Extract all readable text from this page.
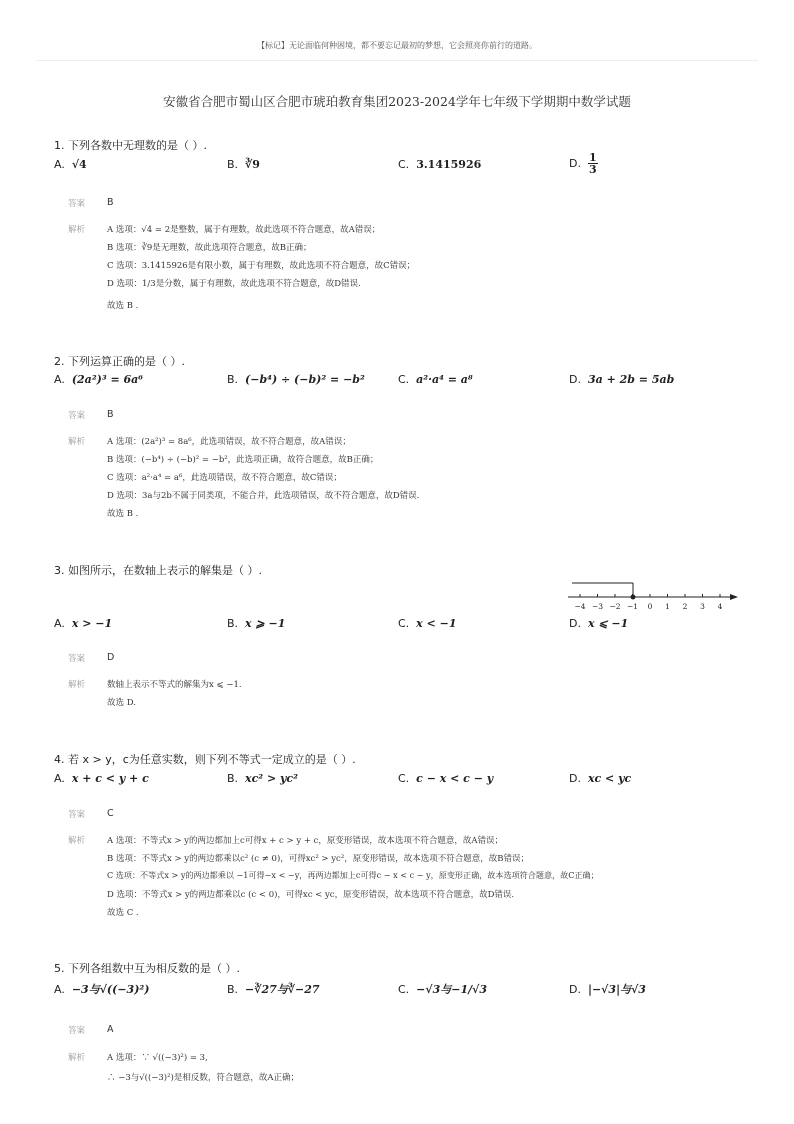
【标记】无论面临何种困境，都不要忘记最初的梦想，它会照亮你前行的道路。
安徽省合肥市蜀山区合肥市琥珀教育集团2023-2024学年七年级下学期期中数学试题
1. 下列各数中无理数的是（ ）.
A. √4	B. ∛9	C. 3.1415926	D. $\frac{1}{3}$
答案 B
解析	A 选项：√4 = 2是整数，属于有理数，故此选项不符合题意，故A错误；
B 选项：∛9是无理数，故此选项符合题意，故B正确；
C 选项：3.1415926是有限小数，属于有理数，故此选项不符合题意，故C错误；
D 选项：1/3是分数，属于有理数，故此选项不符合题意，故D错误.
故选 B .
2. 下列运算正确的是（ ）.
A.  (2a²)³ = 6a⁶	B.  (−b⁴) ÷ (−b)² = −b²	C.  a²·a⁴ = a⁸	D.  3a + 2b = 5ab
答案 B
解析	A 选项：(2a²)³ = 8a⁶，此选项错误，故不符合题意，故A错误；
B 选项：(−b⁴) ÷ (−b)² = −b²，此选项正确，故符合题意，故B正确；
C 选项：a²·a⁴ = a⁶，此选项错误，故不符合题意，故C错误；
D 选项：3a与2b不属于同类项，不能合并，此选项错误，故不符合题意，故D错误.
故选 B .
3. 如图所示，在数轴上表示的解集是（ ）.
−4 −3 −2 −1 0 1 2 3 4
A.  x > −1	B.  x ⩾ −1	C.  x < −1	D.  x ⩽ −1
答案 D
解析	数轴上表示不等式的解集为x ⩽ −1.
故选 D.
4. 若 x > y，c为任意实数，则下列不等式一定成立的是（ ）.
A.  x + c < y + c	B.  xc² > yc²	C.  c − x < c − y	D.  xc < yc
答案 C
解析	A 选项：不等式x > y的两边都加上c可得x + c > y + c，原变形错误，故本选项不符合题意，故A错误；
B 选项：不等式x > y的两边都乘以c² (c ≠ 0)，可得xc² > yc²，原变形错误，故本选项不符合题意，故B错误；
C 选项：不等式x > y的两边都乘以 −1可得−x < −y，再两边都加上c可得c − x < c − y，原变形正确，故本选项符合题意，故C正确；
D 选项：不等式x > y的两边都乘以c (c < 0)，可得xc < yc，原变形错误，故本选项不符合题意，故D错误.
故选 C .
5. 下列各组数中互为相反数的是（ ）.
A.  −3与√((−3)²)	B.  −∛27与∛−27	C.  −√3与−1/√3	D.  |−√3|与√3
答案 A
解析	A 选项：∵ √((−3)²) = 3,
∴ −3与√((−3)²)是相反数，符合题意，故A正确；
